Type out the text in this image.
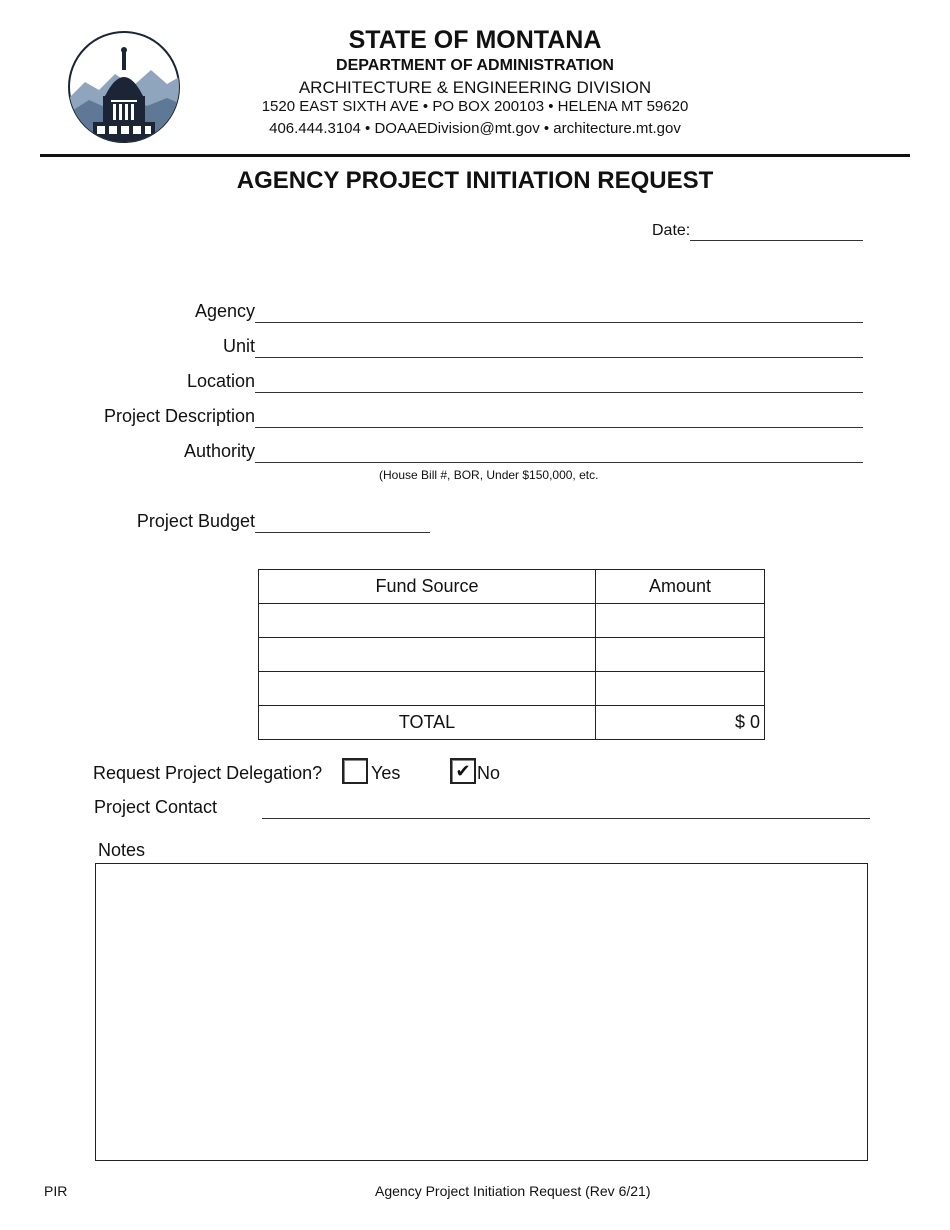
STATE OF MONTANA
DEPARTMENT OF ADMINISTRATION
ARCHITECTURE & ENGINEERING DIVISION
1520 EAST SIXTH AVE • PO BOX 200103 • HELENA MT 59620
406.444.3104 • DOAAEDivision@mt.gov • architecture.mt.gov
AGENCY PROJECT INITIATION REQUEST
Date:
Agency
Unit
Location
Project Description
Authority
(House Bill #, BOR, Under $150,000, etc.
Project Budget
Fund Source	Amount

TOTAL	$ 0
Request Project Delegation?	Yes	✔ No
Project Contact
Notes
PIR	Agency Project Initiation Request (Rev 6/21)
